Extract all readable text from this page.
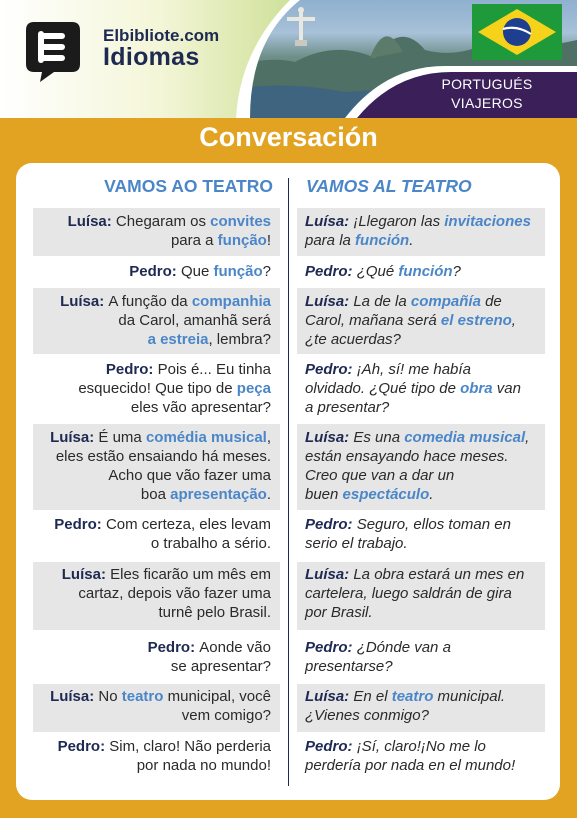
Elbibliote.com
Idiomas
PORTUGUÉS
VIAJEROS
Conversación
VAMOS AO TEATRO VAMOS AL TEATRO
Luísa: Chegaram os convites
para a função!
Luísa: ¡Llegaron las invitaciones
para la función.
Pedro: Que função? Pedro: ¿Qué función?
Luísa: A função da companhia
da Carol, amanhã será
a estreia, lembra?
Luísa: La de la compañía de
Carol, mañana será el estreno,
¿te acuerdas?
Pedro: Pois é... Eu tinha
esquecido! Que tipo de peça
eles vão apresentar?
Pedro: ¡Ah, sí! me había
olvidado. ¿Qué tipo de obra van
a presentar?
Luísa: É uma comédia musical,
eles estão ensaiando há meses.
Acho que vão fazer uma
boa apresentação.
Luísa: Es una comedia musical,
están ensayando hace meses.
Creo que van a dar un
buen espectáculo.
Pedro: Com certeza, eles levam
o trabalho a sério.
Pedro: Seguro, ellos toman en
serio el trabajo.
Luísa: Eles ficarão um mês em
cartaz, depois vão fazer uma
turnê pelo Brasil.
Luísa: La obra estará un mes en
cartelera, luego saldrán de gira
por Brasil.
Pedro: Aonde vão
se apresentar?
Pedro: ¿Dónde van a
presentarse?
Luísa: No teatro municipal, você
vem comigo?
Luísa: En el teatro municipal.
¿Vienes conmigo?
Pedro: Sim, claro! Não perderia
por nada no mundo!
Pedro: ¡Sí, claro!¡No me lo
perdería por nada en el mundo!
